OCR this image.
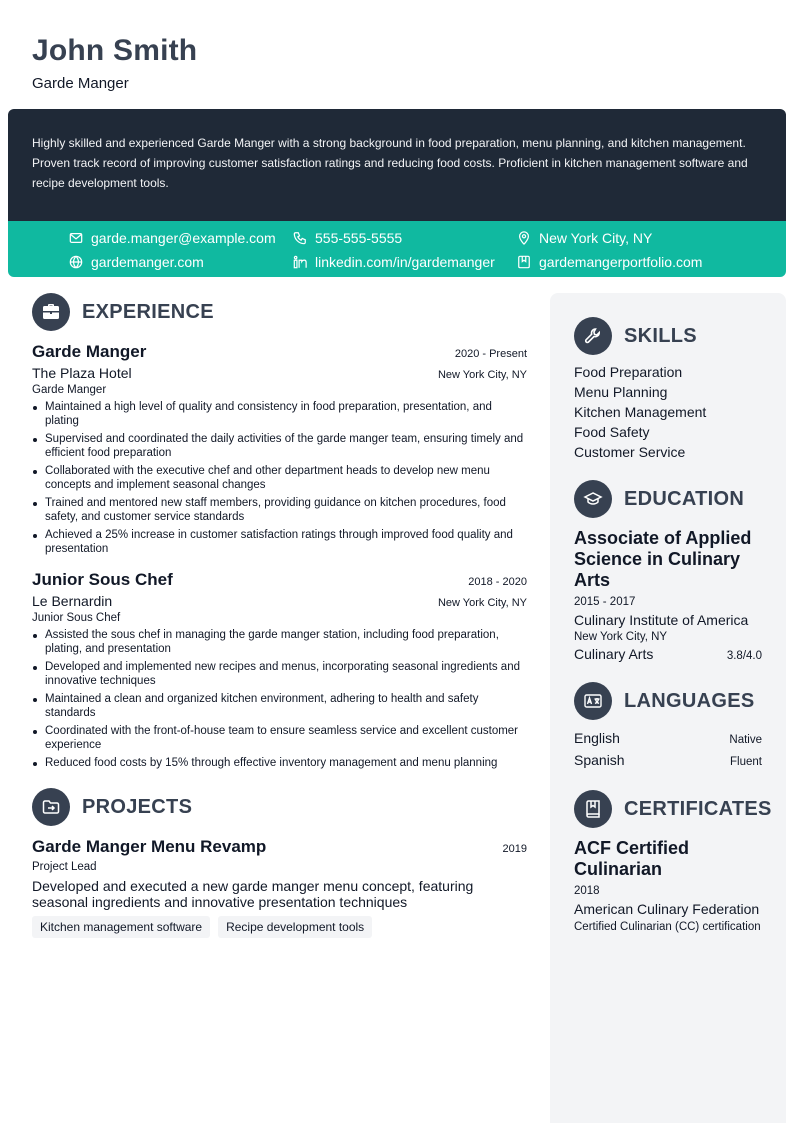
John Smith
Garde Manger

Highly skilled and experienced Garde Manger with a strong background in food preparation, menu planning, and kitchen management. Proven track record of improving customer satisfaction ratings and reducing food costs. Proficient in kitchen management software and recipe development tools.

garde.manger@example.com	555-555-5555	New York City, NY
gardemanger.com	linkedin.com/in/gardemanger	gardemangerportfolio.com
EXPERIENCE
Garde Manger	2020 - Present
The Plaza Hotel	New York City, NY
Garde Manger
Maintained a high level of quality and consistency in food preparation, presentation, and plating
Supervised and coordinated the daily activities of the garde manger team, ensuring timely and efficient food preparation
Collaborated with the executive chef and other department heads to develop new menu concepts and implement seasonal changes
Trained and mentored new staff members, providing guidance on kitchen procedures, food safety, and customer service standards
Achieved a 25% increase in customer satisfaction ratings through improved food quality and presentation
Junior Sous Chef	2018 - 2020
Le Bernardin	New York City, NY
Junior Sous Chef
Assisted the sous chef in managing the garde manger station, including food preparation, plating, and presentation
Developed and implemented new recipes and menus, incorporating seasonal ingredients and innovative techniques
Maintained a clean and organized kitchen environment, adhering to health and safety standards
Coordinated with the front-of-house team to ensure seamless service and excellent customer experience
Reduced food costs by 15% through effective inventory management and menu planning
PROJECTS
Garde Manger Menu Revamp	2019
Project Lead
Developed and executed a new garde manger menu concept, featuring seasonal ingredients and innovative presentation techniques
Kitchen management software	Recipe development tools
SKILLS
Food Preparation
Menu Planning
Kitchen Management
Food Safety
Customer Service
EDUCATION
Associate of Applied Science in Culinary Arts
2015 - 2017
Culinary Institute of America
New York City, NY
Culinary Arts	3.8/4.0
LANGUAGES
English	Native
Spanish	Fluent
CERTIFICATES
ACF Certified Culinarian
2018
American Culinary Federation
Certified Culinarian (CC) certification
